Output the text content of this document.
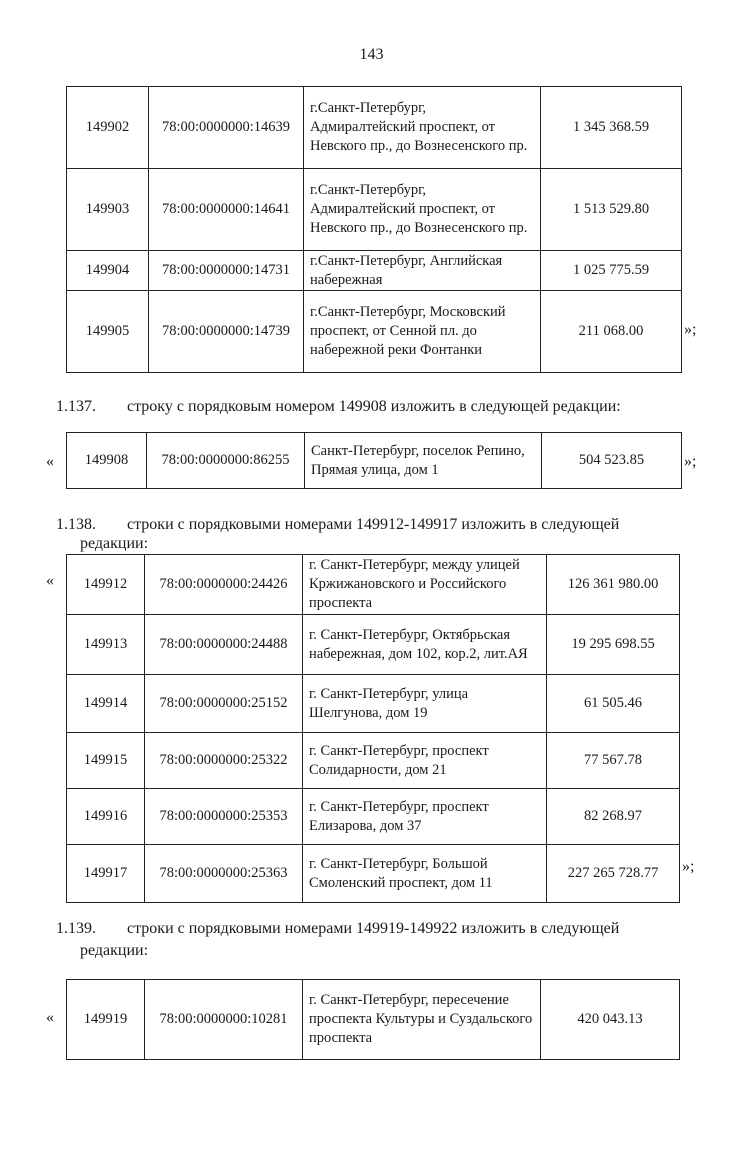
143
149902	78:00:0000000:14639	г.Санкт-Петербург, Адмиралтейский проспект, от Невского пр., до Вознесенского пр.	1 345 368.59
149903	78:00:0000000:14641	г.Санкт-Петербург, Адмиралтейский проспект, от Невского пр., до Вознесенского пр.	1 513 529.80
149904	78:00:0000000:14731	г.Санкт-Петербург, Английская набережная	1 025 775.59
149905	78:00:0000000:14739	г.Санкт-Петербург, Московский проспект, от Сенной пл. до набережной реки Фонтанки	211 068.00	»;
1.137. строку с порядковым номером 149908 изложить в следующей редакции:
« 149908	78:00:0000000:86255	Санкт-Петербург, поселок Репино, Прямая улица, дом 1	504 523.85 »;
1.138. строки с порядковыми номерами 149912-149917 изложить в следующей
редакции:
« 149912	78:00:0000000:24426	г. Санкт-Петербург, между улицей Кржижановского и Российского проспекта	126 361 980.00
149913	78:00:0000000:24488	г. Санкт-Петербург, Октябрьская набережная, дом 102, кор.2, лит.АЯ	19 295 698.55
149914	78:00:0000000:25152	г. Санкт-Петербург, улица Шелгунова, дом 19	61 505.46
149915	78:00:0000000:25322	г. Санкт-Петербург, проспект Солидарности, дом 21	77 567.78
149916	78:00:0000000:25353	г. Санкт-Петербург, проспект Елизарова, дом 37	82 268.97
149917	78:00:0000000:25363	г. Санкт-Петербург, Большой Смоленский проспект, дом 11	227 265 728.77 »;
1.139. строки с порядковыми номерами 149919-149922 изложить в следующей
редакции:
« 149919	78:00:0000000:10281	г. Санкт-Петербург, пересечение проспекта Культуры и Суздальского проспекта	420 043.13
